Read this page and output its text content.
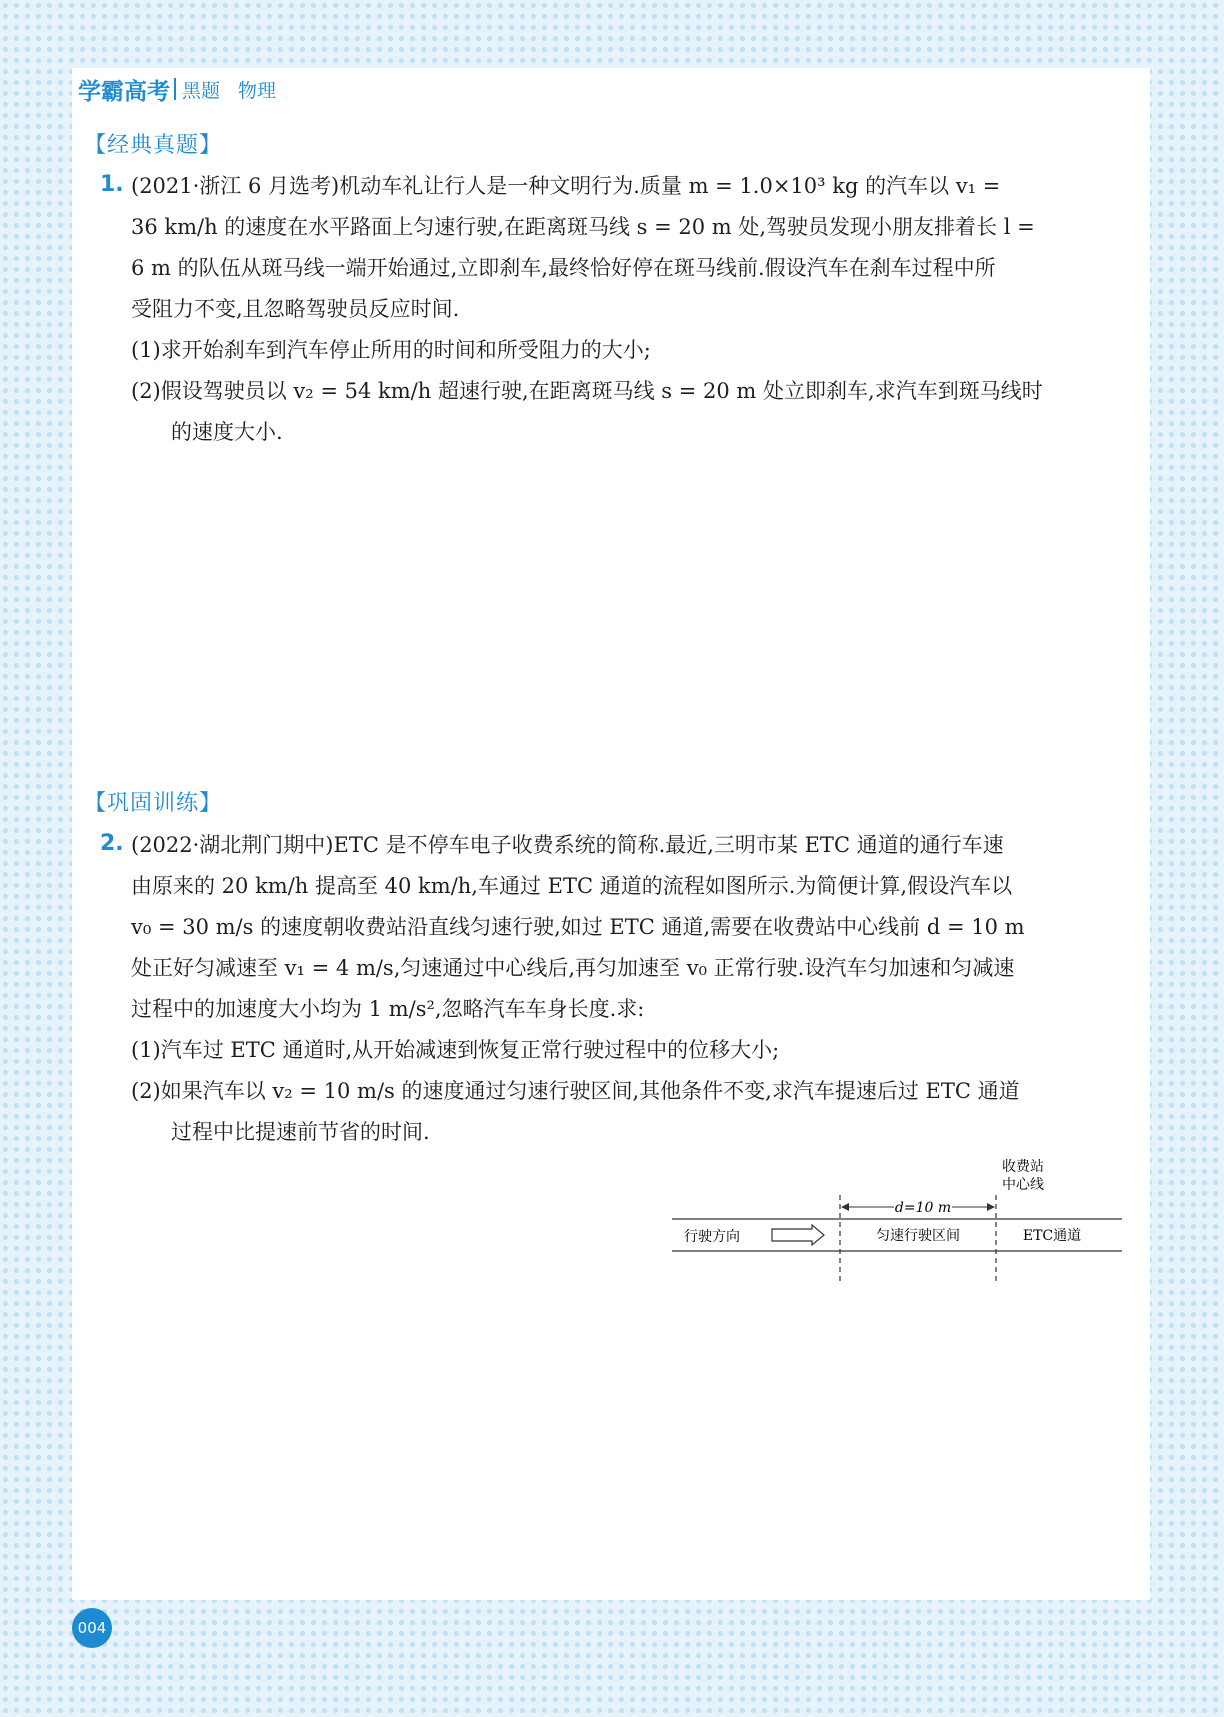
学霸高考 黑题 物理
【经典真题】
1. (2021·浙江 6 月选考)机动车礼让行人是一种文明行为.质量 m = 1.0×10³ kg 的汽车以 v₁ =
36 km/h 的速度在水平路面上匀速行驶,在距离斑马线 s = 20 m 处,驾驶员发现小朋友排着长 l =
6 m 的队伍从斑马线一端开始通过,立即刹车,最终恰好停在斑马线前.假设汽车在刹车过程中所
受阻力不变,且忽略驾驶员反应时间.
(1)求开始刹车到汽车停止所用的时间和所受阻力的大小;
(2)假设驾驶员以 v₂ = 54 km/h 超速行驶,在距离斑马线 s = 20 m 处立即刹车,求汽车到斑马线时
的速度大小.
【巩固训练】
2. (2022·湖北荆门期中)ETC 是不停车电子收费系统的简称.最近,三明市某 ETC 通道的通行车速
由原来的 20 km/h 提高至 40 km/h,车通过 ETC 通道的流程如图所示.为简便计算,假设汽车以
v₀ = 30 m/s 的速度朝收费站沿直线匀速行驶,如过 ETC 通道,需要在收费站中心线前 d = 10 m
处正好匀减速至 v₁ = 4 m/s,匀速通过中心线后,再匀加速至 v₀ 正常行驶.设汽车匀加速和匀减速
过程中的加速度大小均为 1 m/s²,忽略汽车车身长度.求:
(1)汽车过 ETC 通道时,从开始减速到恢复正常行驶过程中的位移大小;
(2)如果汽车以 v₂ = 10 m/s 的速度通过匀速行驶区间,其他条件不变,求汽车提速后过 ETC 通道
过程中比提速前节省的时间.
d=10 m
收费站
中心线
行驶方向	匀速行驶区间	ETC通道
004
